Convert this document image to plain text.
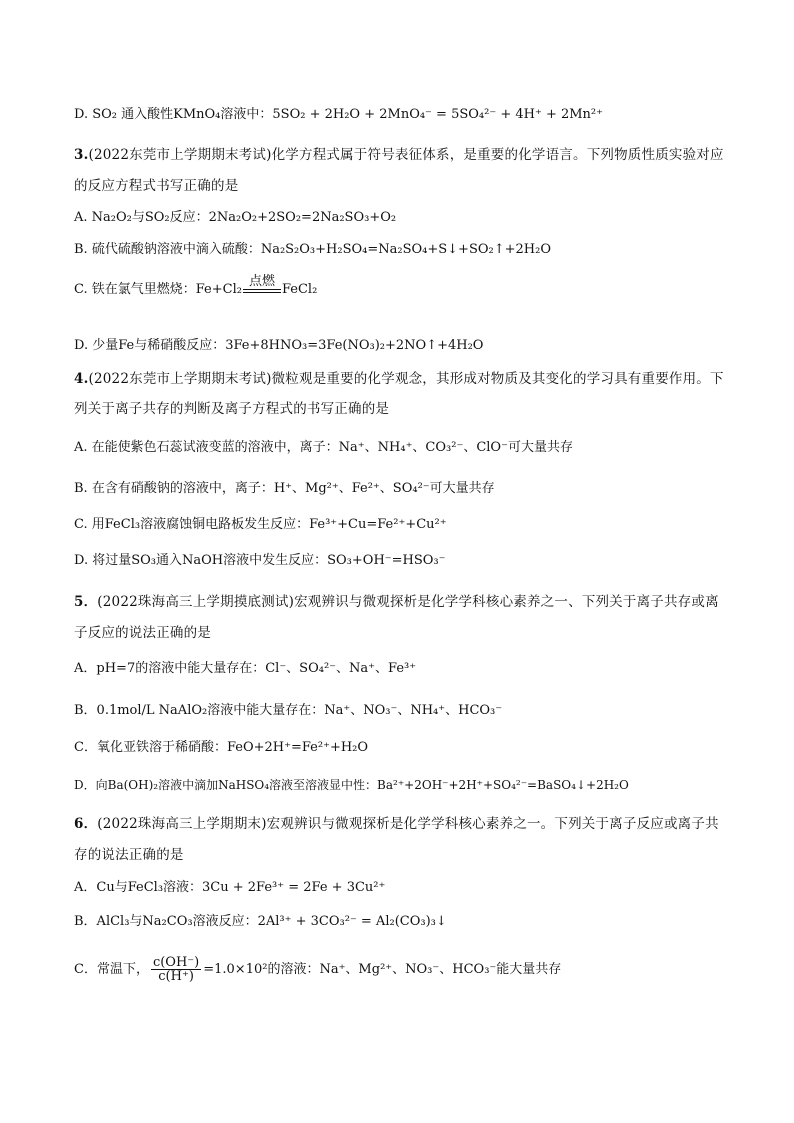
D. SO₂ 通入酸性KMnO₄溶液中：5SO₂ + 2H₂O + 2MnO₄⁻ = 5SO₄²⁻ + 4H⁺ + 2Mn²⁺
3.(2022东莞市上学期期末考试)化学方程式属于符号表征体系，是重要的化学语言。下列物质性质实验对应
的反应方程式书写正确的是
A. Na₂O₂与SO₂反应：2Na₂O₂+2SO₂=2Na₂SO₃+O₂
B. 硫代硫酸钠溶液中滴入硫酸：Na₂S₂O₃+H₂SO₄=Na₂SO₄+S↓+SO₂↑+2H₂O
C. 铁在氯气里燃烧：Fe+Cl₂
点燃
FeCl₂
D. 少量Fe与稀硝酸反应：3Fe+8HNO₃=3Fe(NO₃)₂+2NO↑+4H₂O
4.(2022东莞市上学期期末考试)微粒观是重要的化学观念，其形成对物质及其变化的学习具有重要作用。下
列关于离子共存的判断及离子方程式的书写正确的是
A. 在能使紫色石蕊试液变蓝的溶液中，离子：Na⁺、NH₄⁺、CO₃²⁻、ClO⁻可大量共存
B. 在含有硝酸钠的溶液中，离子：H⁺、Mg²⁺、Fe²⁺、SO₄²⁻可大量共存
C. 用FeCl₃溶液腐蚀铜电路板发生反应：Fe³⁺+Cu=Fe²⁺+Cu²⁺
D. 将过量SO₃通入NaOH溶液中发生反应：SO₃+OH⁻=HSO₃⁻
5．(2022珠海高三上学期摸底测试)宏观辨识与微观探析是化学学科核心素养之一、下列关于离子共存或离
子反应的说法正确的是
A．pH=7的溶液中能大量存在：Cl⁻、SO₄²⁻、Na⁺、Fe³⁺
B．0.1mol/L NaAlO₂溶液中能大量存在：Na⁺、NO₃⁻、NH₄⁺、HCO₃⁻
C．氧化亚铁溶于稀硝酸：FeO+2H⁺=Fe²⁺+H₂O
D．向Ba(OH)₂溶液中滴加NaHSO₄溶液至溶液显中性：Ba²⁺+2OH⁻+2H⁺+SO₄²⁻=BaSO₄↓+2H₂O
6．(2022珠海高三上学期期末)宏观辨识与微观探析是化学学科核心素养之一。下列关于离子反应或离子共
存的说法正确的是
A．Cu与FeCl₃溶液：3Cu + 2Fe³⁺ = 2Fe + 3Cu²⁺
B．AlCl₃与Na₂CO₃溶液反应：2Al³⁺ + 3CO₃²⁻ = Al₂(CO₃)₃↓
C．常温下， $\frac{c(OH^-)}{c(H^+)} =1.0\times 10^2$的溶液：Na⁺、Mg²⁺、NO₃⁻、HCO₃⁻能大量共存
